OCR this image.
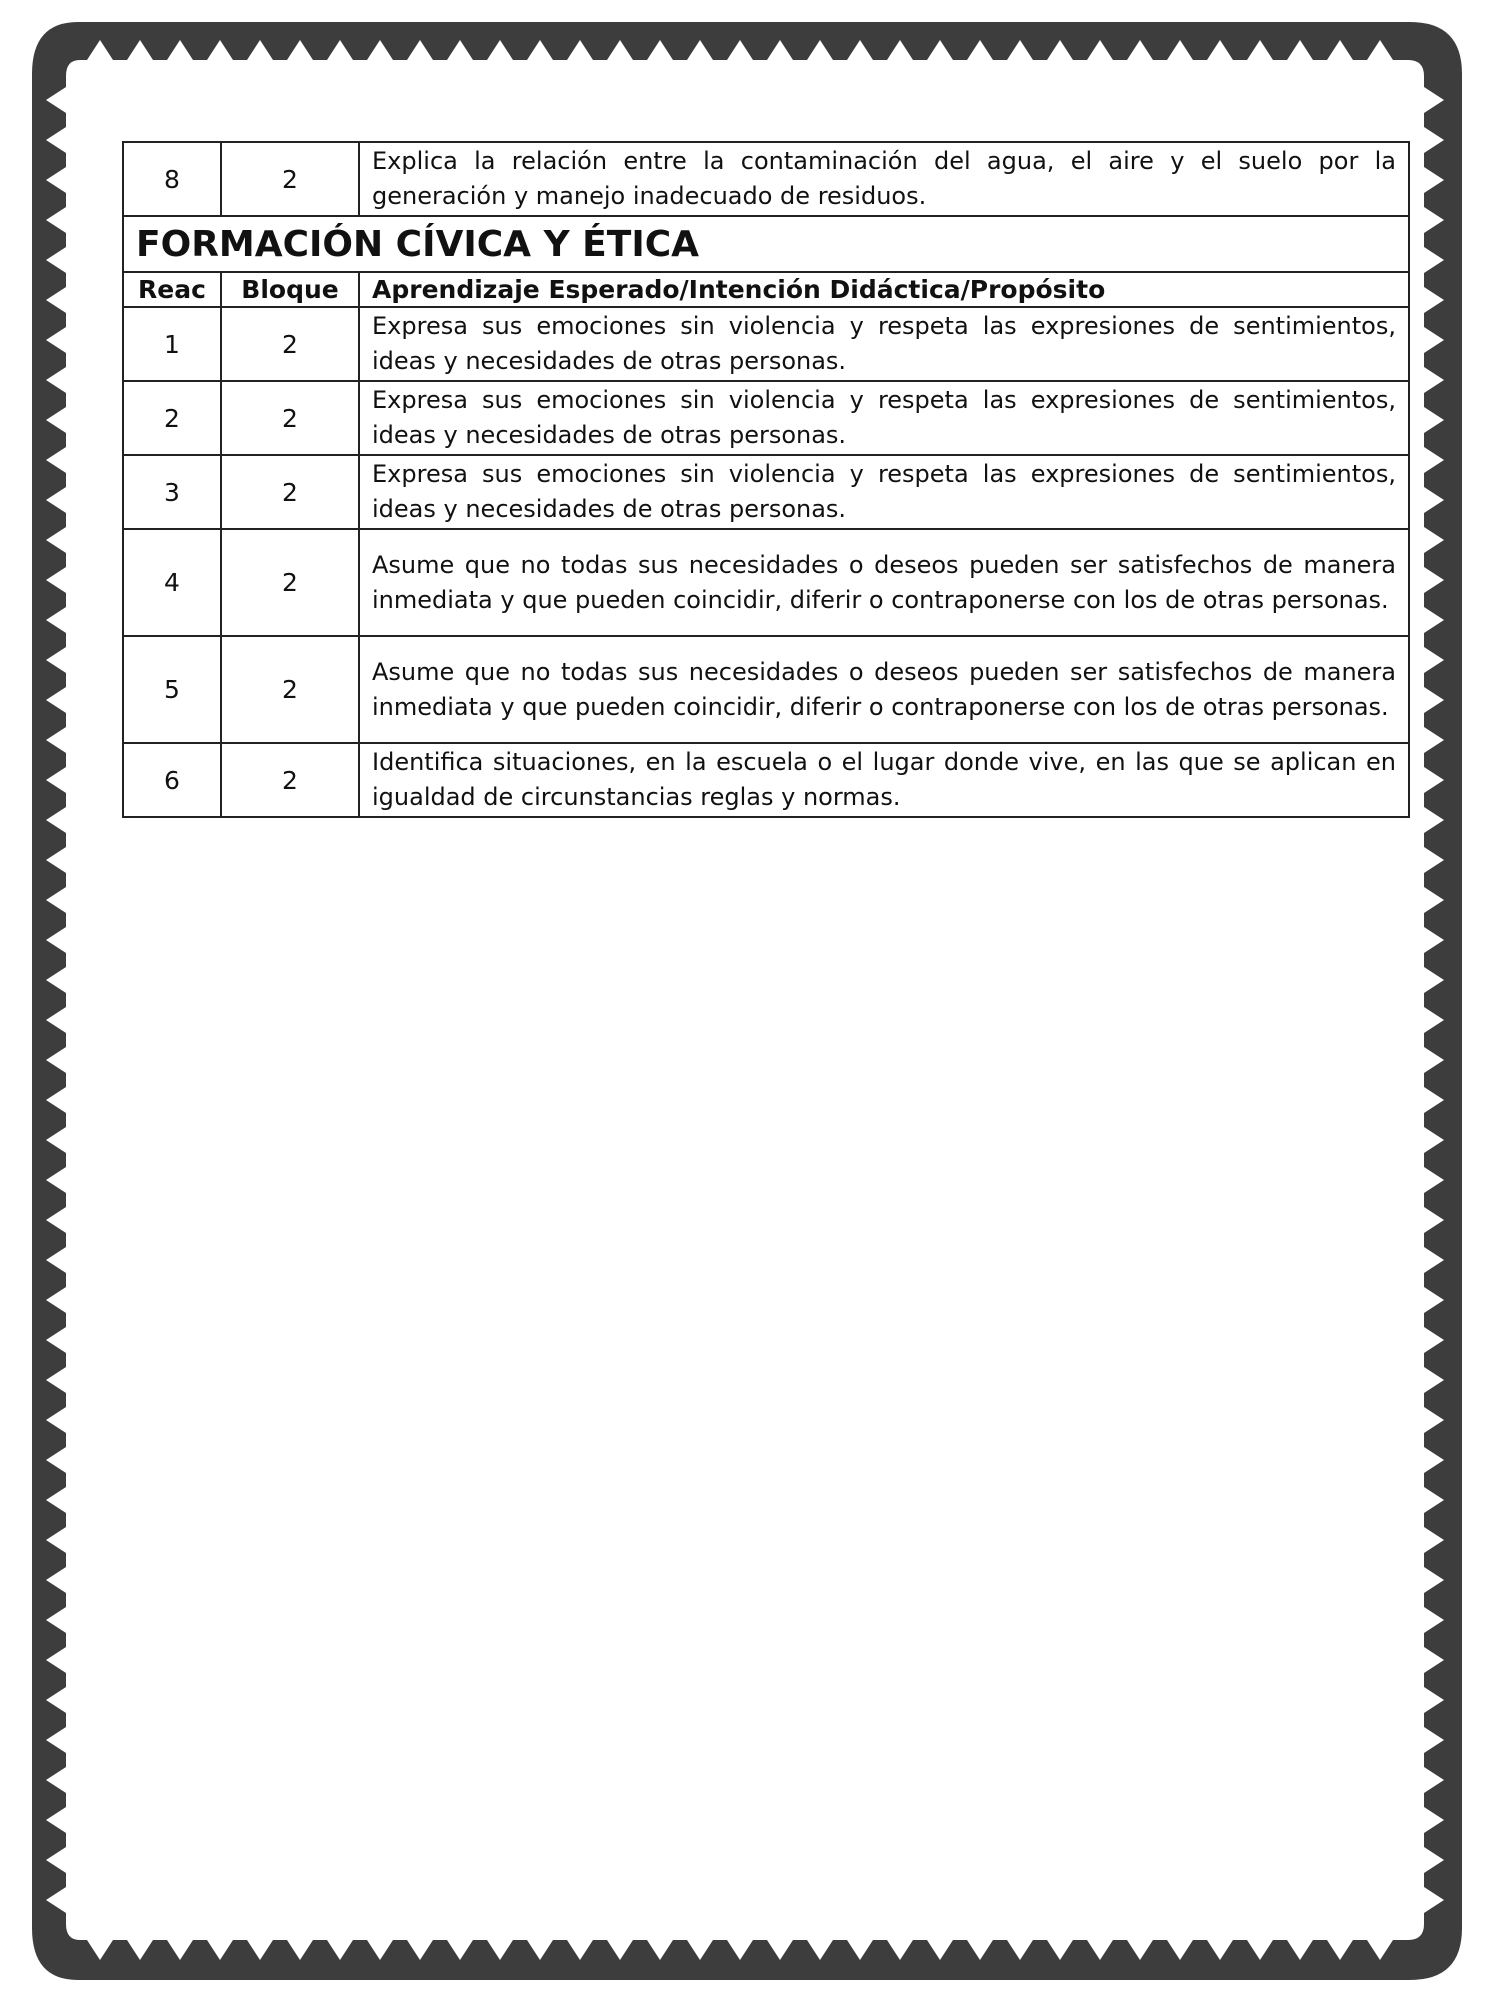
8	2	Explica la relación entre la contaminación del agua, el aire y el suelo por la generación y manejo inadecuado de residuos.
FORMACIÓN CÍVICA Y ÉTICA		
Reac	Bloque	Aprendizaje Esperado/Intención Didáctica/Propósito
1	2	Expresa sus emociones sin violencia y respeta las expresiones de sentimientos, ideas y necesidades de otras personas.
2	2	Expresa sus emociones sin violencia y respeta las expresiones de sentimientos, ideas y necesidades de otras personas.
3	2	Expresa sus emociones sin violencia y respeta las expresiones de sentimientos, ideas y necesidades de otras personas.
4	2	Asume que no todas sus necesidades o deseos pueden ser satisfechos de manera inmediata y que pueden coincidir, diferir o contraponerse con los de otras personas.
5	2	Asume que no todas sus necesidades o deseos pueden ser satisfechos de manera inmediata y que pueden coincidir, diferir o contraponerse con los de otras personas.
6	2	Identifica situaciones, en la escuela o el lugar donde vive, en las que se aplican en igualdad de circunstancias reglas y normas.
